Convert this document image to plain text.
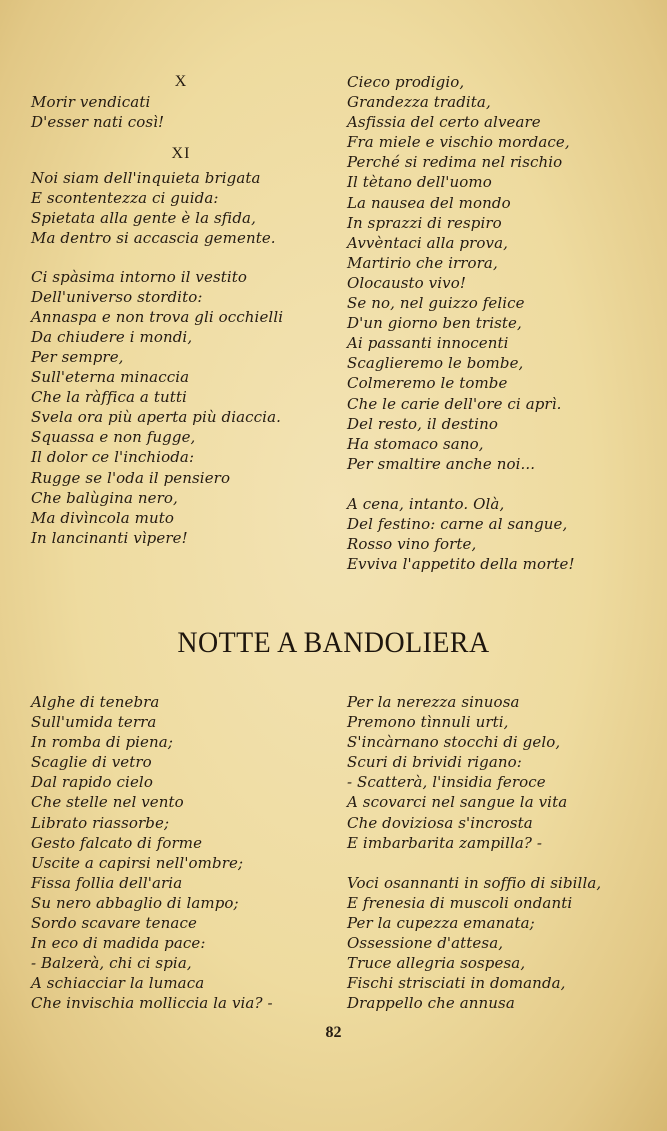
X
Morir vendicati
D'esser nati così!
XI
Noi siam dell'inquieta brigata
E scontentezza ci guida:
Spietata alla gente è la sfida,
Ma dentro si accascia gemente.
Ci spàsima intorno il vestito
Dell'universo stordito:
Annaspa e non trova gli occhielli
Da chiudere i mondi,
Per sempre,
Sull'eterna minaccia
Che la ràffica a tutti
Svela ora più aperta più diaccia.
Squassa e non fugge,
Il dolor ce l'inchioda:
Rugge se l'oda il pensiero
Che balùgina nero,
Ma divìncola muto
In lancinanti vìpere!
Cieco prodigio,
Grandezza tradita,
Asfissia del certo alveare
Fra miele e vischio mordace,
Perché si redima nel rischio
Il tètano dell'uomo
La nausea del mondo
In sprazzi di respiro
Avvèntaci alla prova,
Martirio che irrora,
Olocausto vivo!
Se no, nel guizzo felice
D'un giorno ben triste,
Ai passanti innocenti
Scaglieremo le bombe,
Colmeremo le tombe
Che le carie dell'ore ci aprì.
Del resto, il destino
Ha stomaco sano,
Per smaltire anche noi...
A cena, intanto. Olà,
Del festino: carne al sangue,
Rosso vino forte,
Evviva l'appetito della morte!
NOTTE A BANDOLIERA
Alghe di tenebra
Sull'umida terra
In romba di piena;
Scaglie di vetro
Dal rapido cielo
Che stelle nel vento
Librato riassorbe;
Gesto falcato di forme
Uscite a capirsi nell'ombre;
Fissa follia dell'aria
Su nero abbaglio di lampo;
Sordo scavare tenace
In eco di madida pace:
- Balzerà, chi ci spia,
A schiacciar la lumaca
Che invischia molliccia la via? -
Per la nerezza sinuosa
Premono tìnnuli urti,
S'incàrnano stocchi di gelo,
Scuri di brividi rigano:
- Scatterà, l'insidia feroce
A scovarci nel sangue la vita
Che doviziosa s'incrosta
E imbarbarita zampilla? -
Voci osannanti in soffio di sibilla,
E frenesia di muscoli ondanti
Per la cupezza emanata;
Ossessione d'attesa,
Truce allegria sospesa,
Fischi strisciati in domanda,
Drappello che annusa
82
